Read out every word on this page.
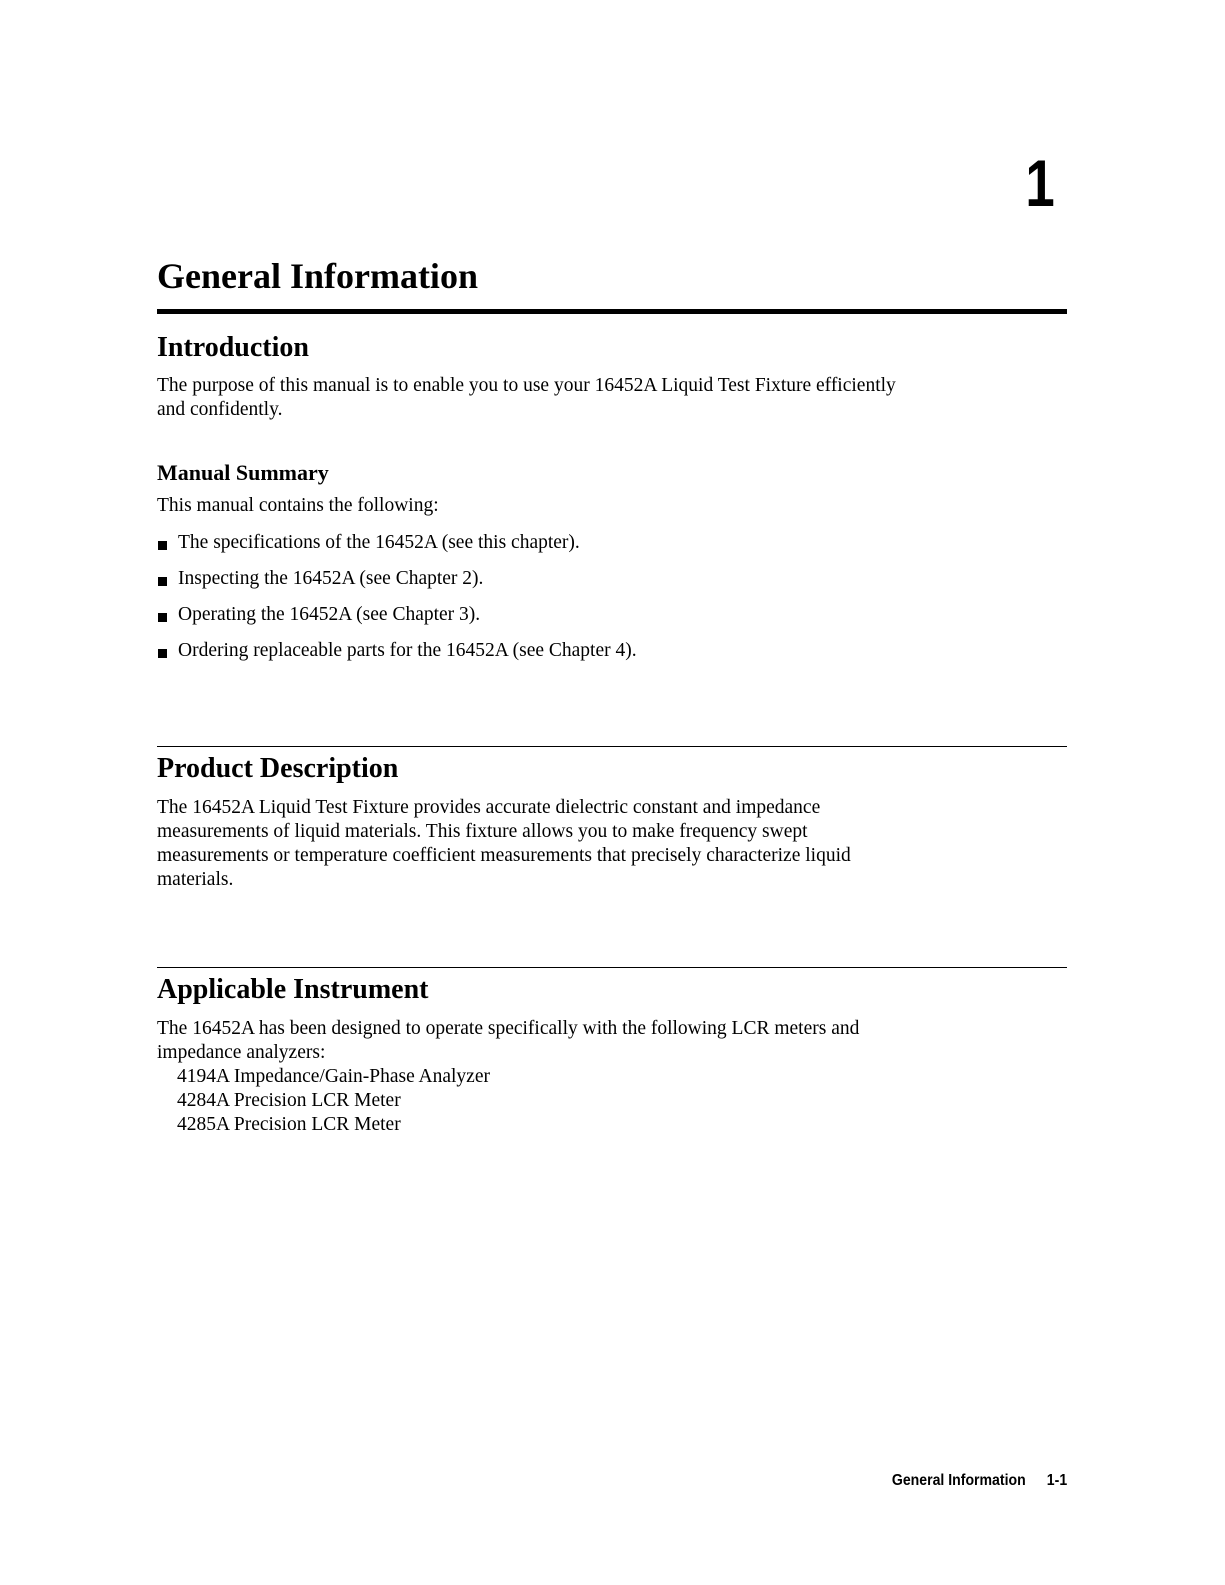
1
General Information
Introduction
The purpose of this manual is to enable you to use your 16452A Liquid Test Fixture efficiently
and confidently.
Manual Summary
This manual contains the following:
The specifications of the 16452A (see this chapter).
Inspecting the 16452A (see Chapter 2).
Operating the 16452A (see Chapter 3).
Ordering replaceable parts for the 16452A (see Chapter 4).
Product Description
The 16452A Liquid Test Fixture provides accurate dielectric constant and impedance
measurements of liquid materials. This fixture allows you to make frequency swept
measurements or temperature coefficient measurements that precisely characterize liquid
materials.
Applicable Instrument
The 16452A has been designed to operate specifically with the following LCR meters and
impedance analyzers:
4194A Impedance/Gain-Phase Analyzer
4284A Precision LCR Meter
4285A Precision LCR Meter
General Information 1-1
